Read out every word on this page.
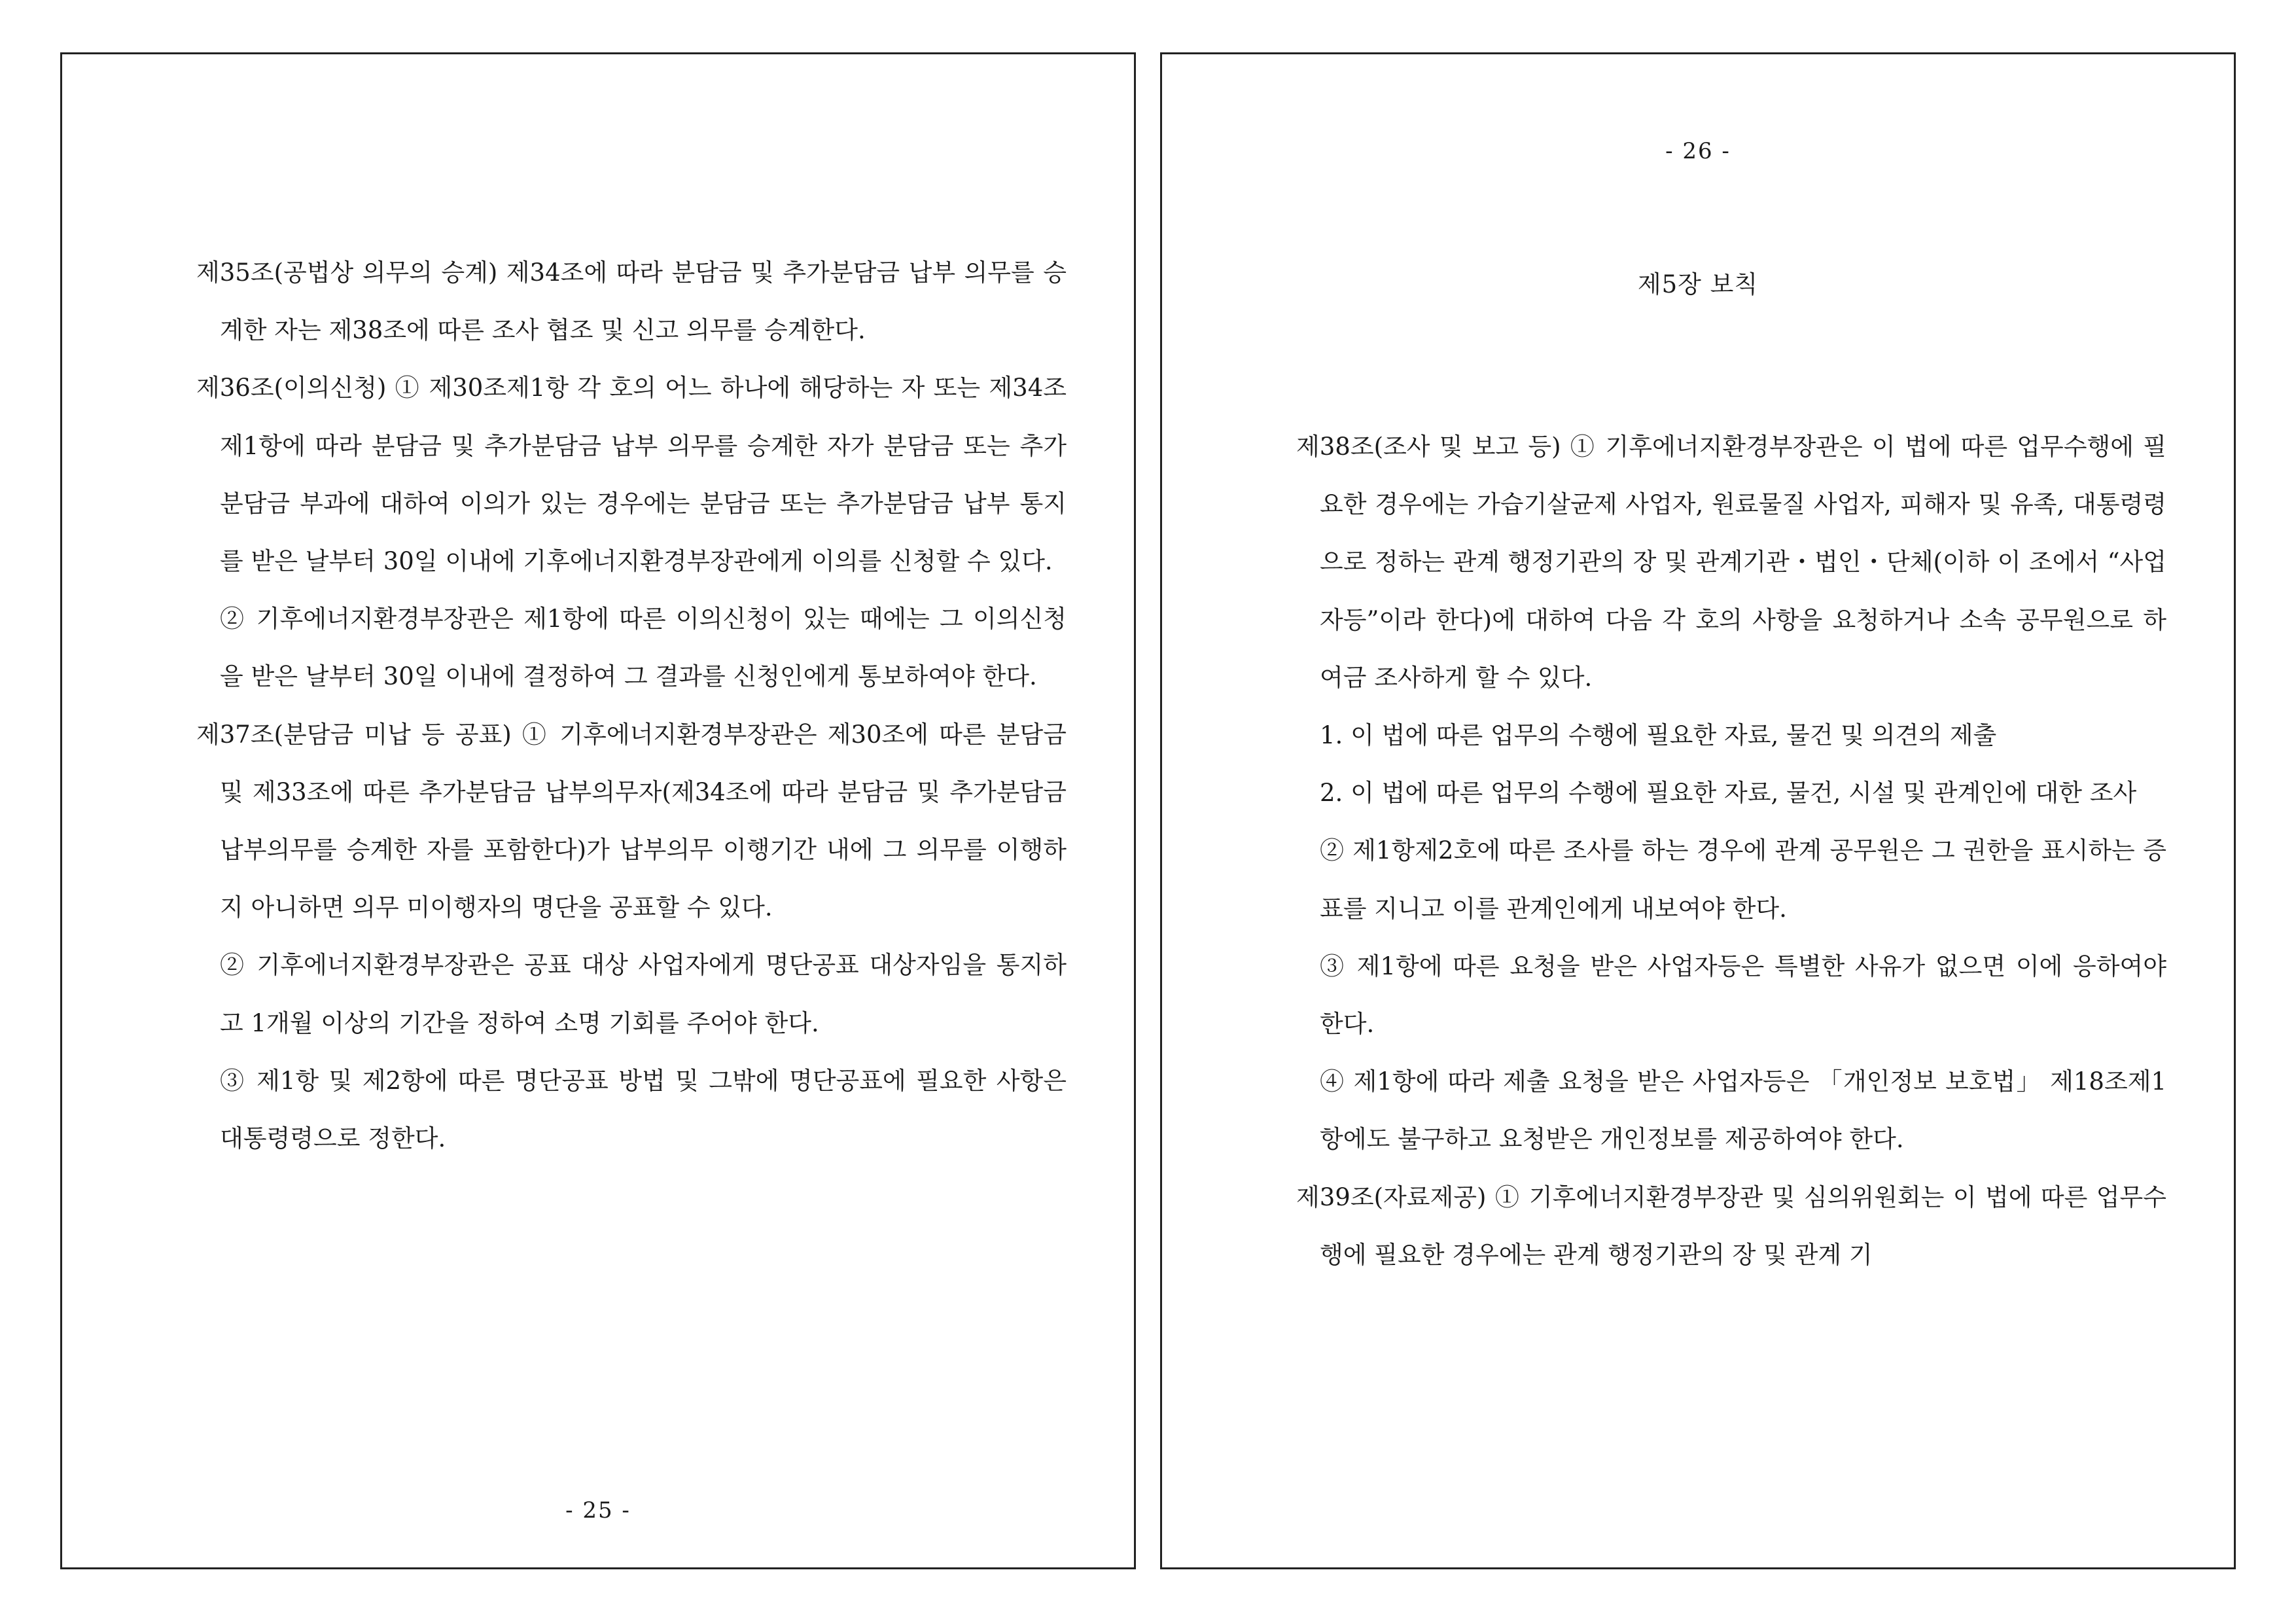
제35조(공법상 의무의 승계) 제34조에 따라 분담금 및 추가분담금 납부 의무를 승계한 자는 제38조에 따른 조사 협조 및 신고 의무를 승계한다.

제36조(이의신청) ① 제30조제1항 각 호의 어느 하나에 해당하는 자 또는 제34조제1항에 따라 분담금 및 추가분담금 납부 의무를 승계한 자가 분담금 또는 추가분담금 부과에 대하여 이의가 있는 경우에는 분담금 또는 추가분담금 납부 통지를 받은 날부터 30일 이내에 기후에너지환경부장관에게 이의를 신청할 수 있다.

② 기후에너지환경부장관은 제1항에 따른 이의신청이 있는 때에는 그 이의신청을 받은 날부터 30일 이내에 결정하여 그 결과를 신청인에게 통보하여야 한다.

제37조(분담금 미납 등 공표) ① 기후에너지환경부장관은 제30조에 따른 분담금 및 제33조에 따른 추가분담금 납부의무자(제34조에 따라 분담금 및 추가분담금 납부의무를 승계한 자를 포함한다)가 납부의무 이행기간 내에 그 의무를 이행하지 아니하면 의무 미이행자의 명단을 공표할 수 있다.

② 기후에너지환경부장관은 공표 대상 사업자에게 명단공표 대상자임을 통지하고 1개월 이상의 기간을 정하여 소명 기회를 주어야 한다.

③ 제1항 및 제2항에 따른 명단공표 방법 및 그밖에 명단공표에 필요한 사항은 대통령령으로 정한다.

- 25 -
- 26 -
제5장 보칙

제38조(조사 및 보고 등) ① 기후에너지환경부장관은 이 법에 따른 업무수행에 필요한 경우에는 가습기살균제 사업자, 원료물질 사업자, 피해자 및 유족, 대통령령으로 정하는 관계 행정기관의 장 및 관계기관・법인・단체(이하 이 조에서 “사업자등”이라 한다)에 대하여 다음 각 호의 사항을 요청하거나 소속 공무원으로 하여금 조사하게 할 수 있다.

1. 이 법에 따른 업무의 수행에 필요한 자료, 물건 및 의견의 제출

2. 이 법에 따른 업무의 수행에 필요한 자료, 물건, 시설 및 관계인에 대한 조사

② 제1항제2호에 따른 조사를 하는 경우에 관계 공무원은 그 권한을 표시하는 증표를 지니고 이를 관계인에게 내보여야 한다.

③ 제1항에 따른 요청을 받은 사업자등은 특별한 사유가 없으면 이에 응하여야 한다.

④ 제1항에 따라 제출 요청을 받은 사업자등은 「개인정보 보호법」 제18조제1항에도 불구하고 요청받은 개인정보를 제공하여야 한다.

제39조(자료제공) ① 기후에너지환경부장관 및 심의위원회는 이 법에 따른 업무수행에 필요한 경우에는 관계 행정기관의 장 및 관계 기
